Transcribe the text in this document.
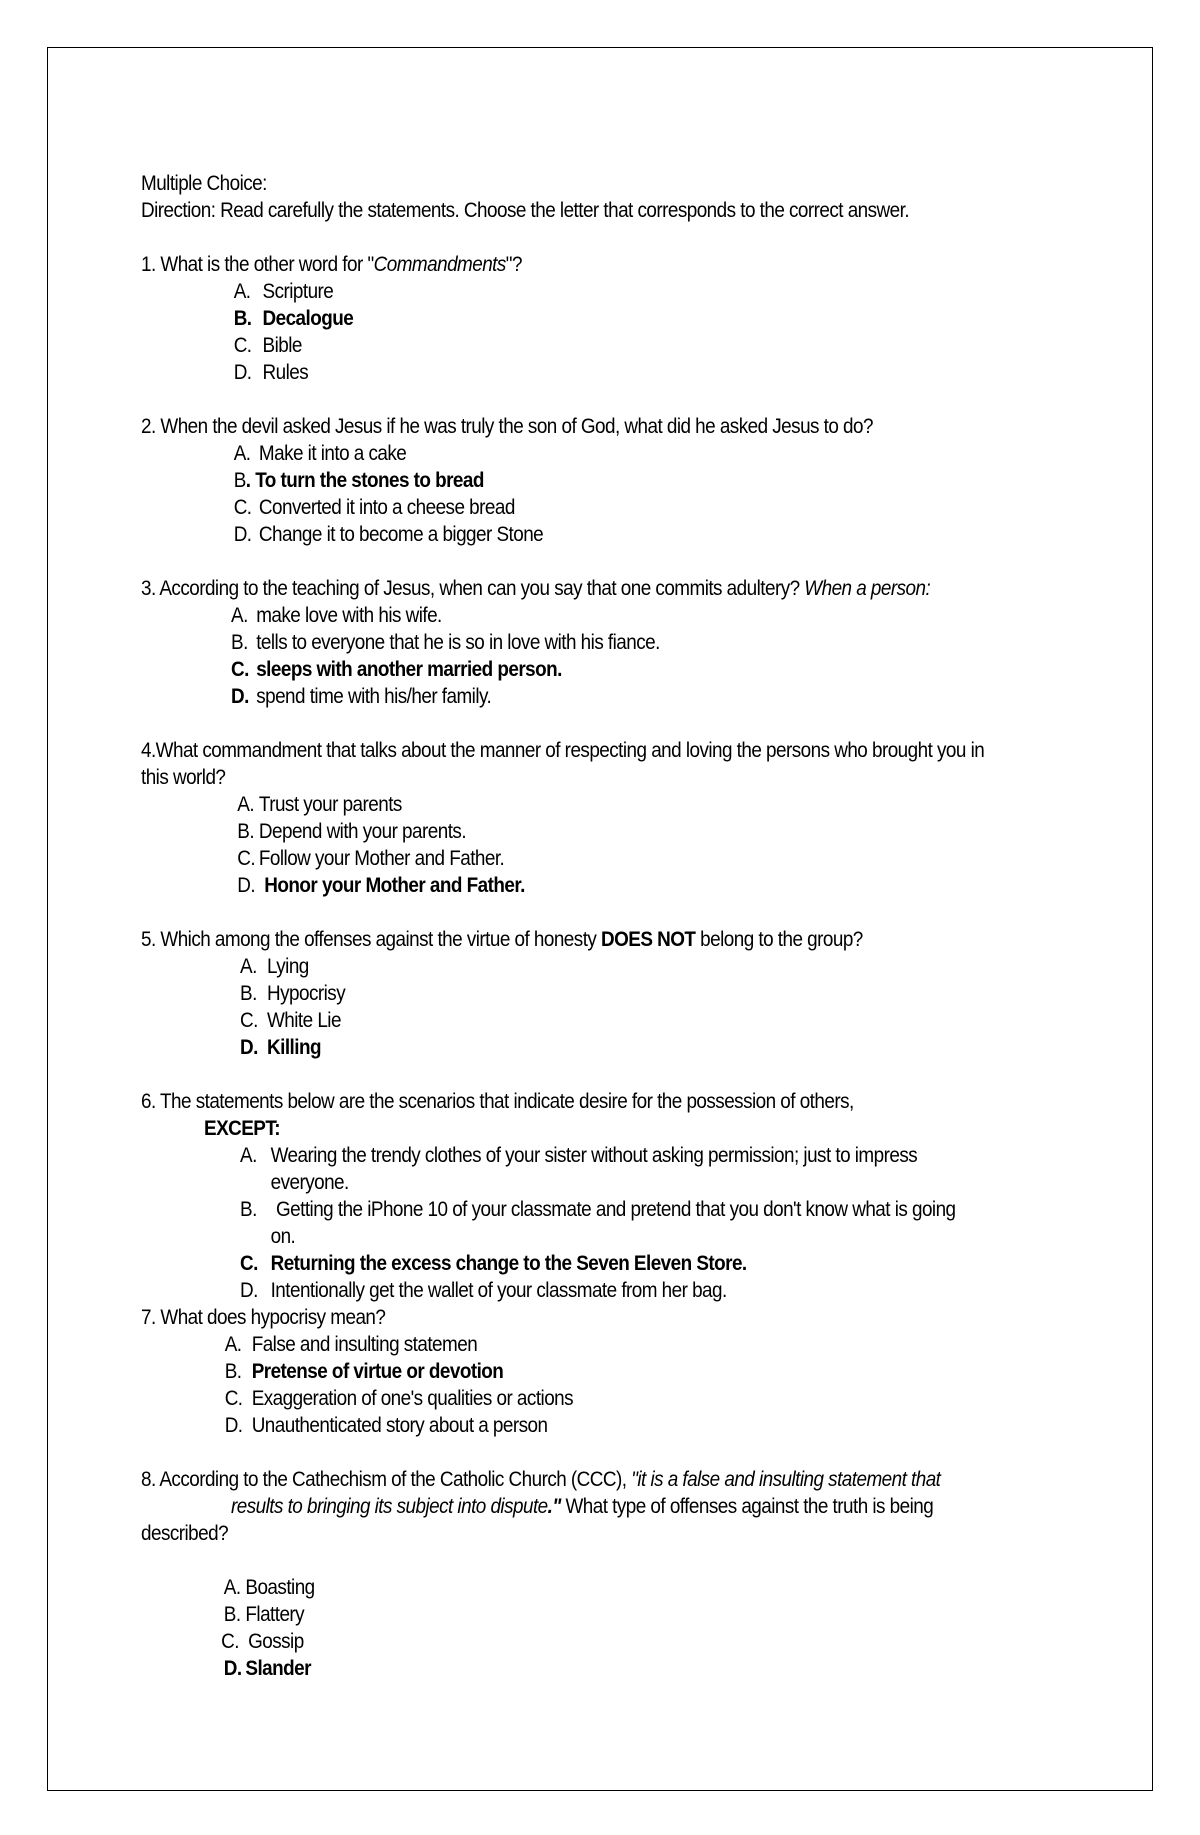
Multiple Choice:
Direction: Read carefully the statements. Choose the letter that corresponds to the correct answer.
1. What is the other word for "Commandments"?
A. Scripture
B. Decalogue
C. Bible
D. Rules
2. When the devil asked Jesus if he was truly the son of God, what did he asked Jesus to do?
A. Make it into a cake
B. To turn the stones to bread
C. Converted it into a cheese bread
D. Change it to become a bigger Stone
3. According to the teaching of Jesus, when can you say that one commits adultery? When a person:
A. make love with his wife.
B. tells to everyone that he is so in love with his fiance.
C. sleeps with another married person.
D. spend time with his/her family.
4.What commandment that talks about the manner of respecting and loving the persons who brought you in
this world?
A. Trust your parents
B. Depend with your parents.
C. Follow your Mother and Father.
D. Honor your Mother and Father.
5. Which among the offenses against the virtue of honesty DOES NOT belong to the group?
A. Lying
B. Hypocrisy
C. White Lie
D. Killing
6. The statements below are the scenarios that indicate desire for the possession of others,
EXCEPT:
A. Wearing the trendy clothes of your sister without asking permission; just to impress
everyone.
B. Getting the iPhone 10 of your classmate and pretend that you don't know what is going
on.
C. Returning the excess change to the Seven Eleven Store.
D. Intentionally get the wallet of your classmate from her bag.
7. What does hypocrisy mean?
A. False and insulting statemen
B. Pretense of virtue or devotion
C. Exaggeration of one's qualities or actions
D. Unauthenticated story about a person
8. According to the Cathechism of the Catholic Church (CCC), "it is a false and insulting statement that
results to bringing its subject into dispute." What type of offenses against the truth is being
described?
A. Boasting
B. Flattery
C. Gossip
D. Slander
